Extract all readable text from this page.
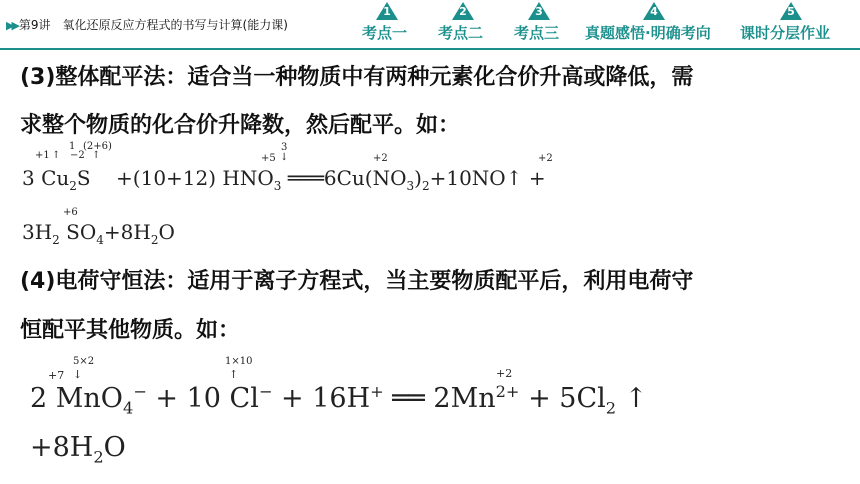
▶▶ 第9讲　氧化还原反应方程式的书写与计算(能力课)
1
考点一
2
考点二
3
考点三
4
真题感悟·明确考向
5
课时分层作业
(3)整体配平法：适合当一种物质中有两种元素化合价升高或降低，需
求整个物质的化合价升降数，然后配平。如：
+1 −2
1 (2+6)
↑	↑	+5
3
↓	+2	+2
3 $Cu_2S$    +(10+12) $HNO_3$ $═══6Cu(NO_3)_2+10NO↑$ +
+6
$3H_2$ $SO_4+8H_2O$
(4)电荷守恒法：适用于离子方程式，当主要物质配平后，利用电荷守
恒配平其他物质。如：
5×2
+7 ↓
1×10
↑	+2
2 MnO$_4$− + 10 Cl− + 16H+ ══ $2Mn^{2+} + 5Cl_2$ ↑
$+8H_2O$
